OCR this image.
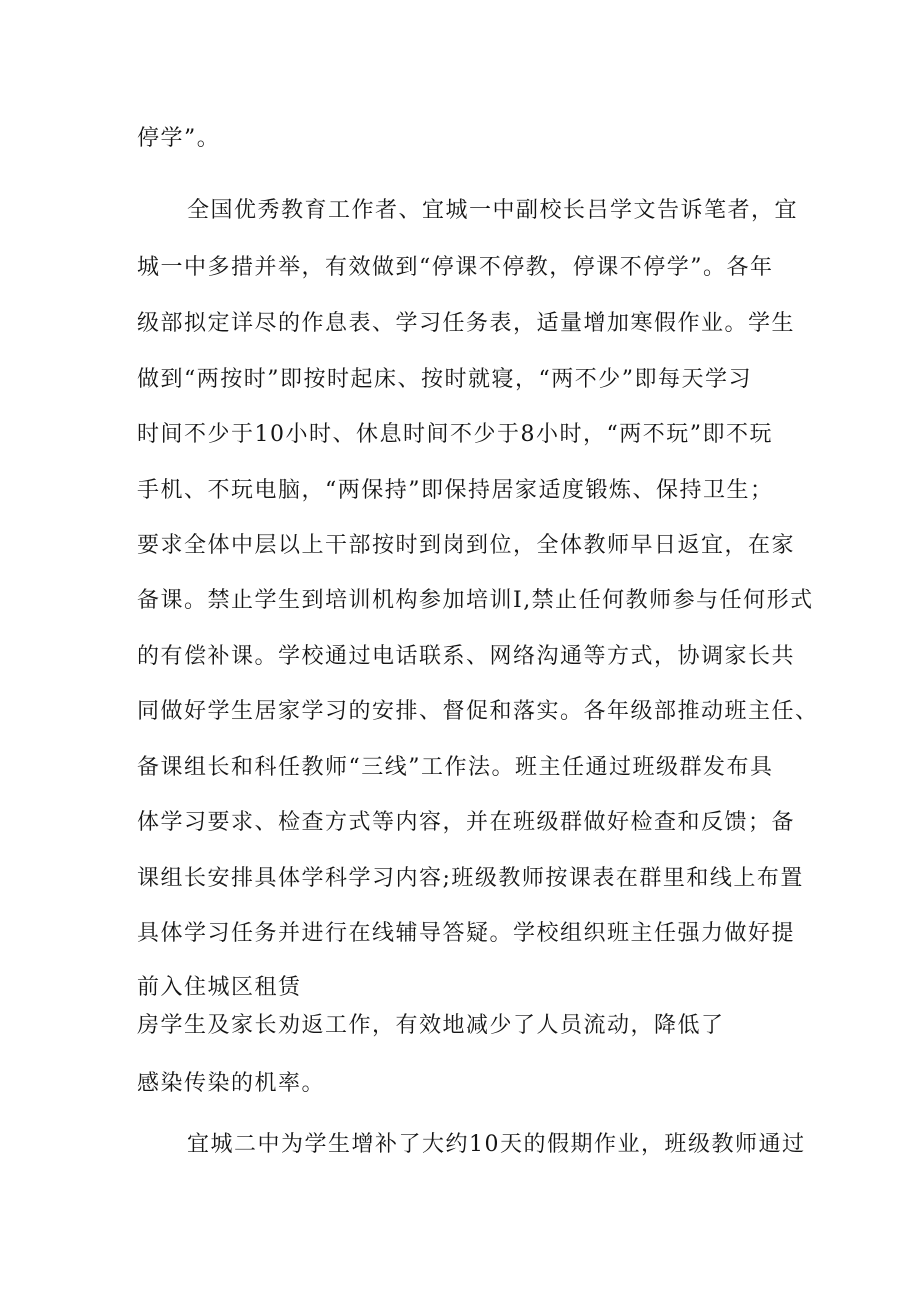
停学”。

全国优秀教育工作者、宜城一中副校长吕学文告诉笔者，宜

城一中多措并举，有效做到“停课不停教，停课不停学”。各年

级部拟定详尽的作息表、学习任务表，适量增加寒假作业。学生

做到“两按时”即按时起床、按时就寝，“两不少”即每天学习

时间不少于10小时、休息时间不少于8小时，“两不玩”即不玩

手机、不玩电脑，“两保持”即保持居家适度锻炼、保持卫生；

要求全体中层以上干部按时到岗到位，全体教师早日返宜，在家

备课。禁止学生到培训机构参加培训I,禁止任何教师参与任何形式

的有偿补课。学校通过电话联系、网络沟通等方式，协调家长共

同做好学生居家学习的安排、督促和落实。各年级部推动班主任、

备课组长和科任教师“三线”工作法。班主任通过班级群发布具

体学习要求、检查方式等内容，并在班级群做好检查和反馈；备

课组长安排具体学科学习内容;班级教师按课表在群里和线上布置

具体学习任务并进行在线辅导答疑。学校组织班主任强力做好提

前入住城区租赁

房学生及家长劝返工作，有效地减少了人员流动，降低了

感染传染的机率。

宜城二中为学生增补了大约10天的假期作业，班级教师通过
